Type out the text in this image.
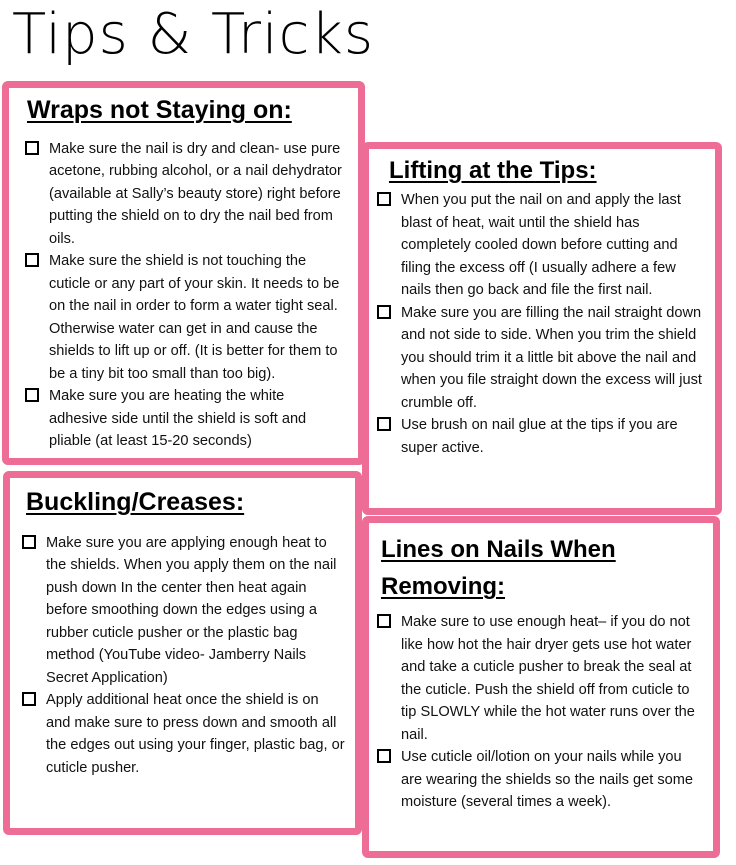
Tips & Tricks
Wraps not Staying on:
Make sure the nail is dry and clean- use pure acetone, rubbing alcohol, or a nail dehydrator (available at Sally’s beauty store) right before putting the shield on to dry the nail bed from oils.
Make sure the shield is not touching the cuticle or any part of your skin. It needs to be on the nail in order to form a water tight seal. Otherwise water can get in and cause the shields to lift up or off. (It is better for them to be a tiny bit too small than too big).
Make sure you are heating the white adhesive side until the shield is soft and pliable (at least 15-20 seconds)
Lifting at the Tips:
When you put the nail on and apply the last blast of heat, wait until the shield has completely cooled down before cutting and filing the excess off (I usually adhere a few nails then go back and file the first nail.
Make sure you are filling the nail straight down and not side to side. When you trim the shield you should trim it a little bit above the nail and when you file straight down the excess will just crumble off.
Use brush on nail glue at the tips if you are super active.
Buckling/Creases:
Make sure you are applying enough heat to the shields. When you apply them on the nail push down In the center then heat again before smoothing down the edges using a rubber cuticle pusher or the plastic bag method (YouTube video- Jamberry Nails Secret Application)
Apply additional heat once the shield is on and make sure to press down and smooth all the edges out using your finger, plastic bag, or cuticle pusher.
Lines on Nails When Removing:
Make sure to use enough heat– if you do not like how hot the hair dryer gets use hot water and take a cuticle pusher to break the seal at the cuticle. Push the shield off from cuticle to tip SLOWLY while the hot water runs over the nail.
Use cuticle oil/lotion on your nails while you are wearing the shields so the nails get some moisture (several times a week).
